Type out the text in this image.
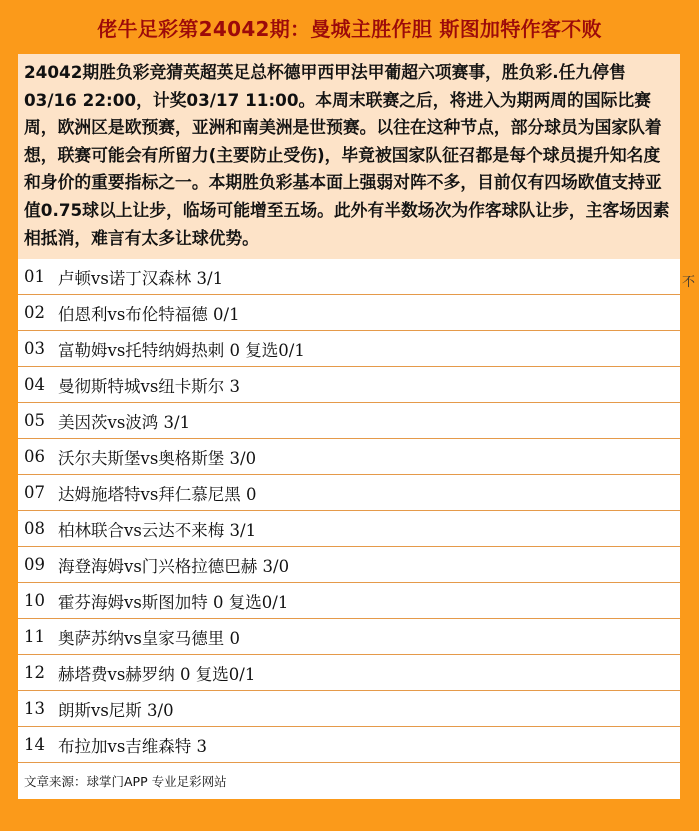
佬牛足彩第24042期：曼城主胜作胆 斯图加特作客不败
24042期胜负彩竞猜英超英足总杯德甲西甲法甲葡超六项赛事，胜负彩.任九停售03/16 22:00，计奖03/17 11:00。本周末联赛之后，将进入为期两周的国际比赛周，欧洲区是欧预赛，亚洲和南美洲是世预赛。以往在这种节点，部分球员为国家队着想，联赛可能会有所留力(主要防止受伤)，毕竟被国家队征召都是每个球员提升知名度和身价的重要指标之一。本期胜负彩基本面上强弱对阵不多，目前仅有四场欧值支持亚值0.75球以上让步，临场可能增至五场。此外有半数场次为作客球队让步，主客场因素相抵消，难言有太多让球优势。
01 卢顿vs诺丁汉森林 3/1
02 伯恩利vs布伦特福德 0/1
03 富勒姆vs托特纳姆热刺 0 复选0/1
04 曼彻斯特城vs纽卡斯尔 3
05 美因茨vs波鸿 3/1
06 沃尔夫斯堡vs奥格斯堡 3/0
07 达姆施塔特vs拜仁慕尼黑 0
08 柏林联合vs云达不来梅 3/1
09 海登海姆vs门兴格拉德巴赫 3/0
10 霍芬海姆vs斯图加特 0 复选0/1
11 奥萨苏纳vs皇家马德里 0
12 赫塔费vs赫罗纳 0 复选0/1
13 朗斯vs尼斯 3/0
14 布拉加vs吉维森特 3
文章来源：球掌门APP 专业足彩网站
不
